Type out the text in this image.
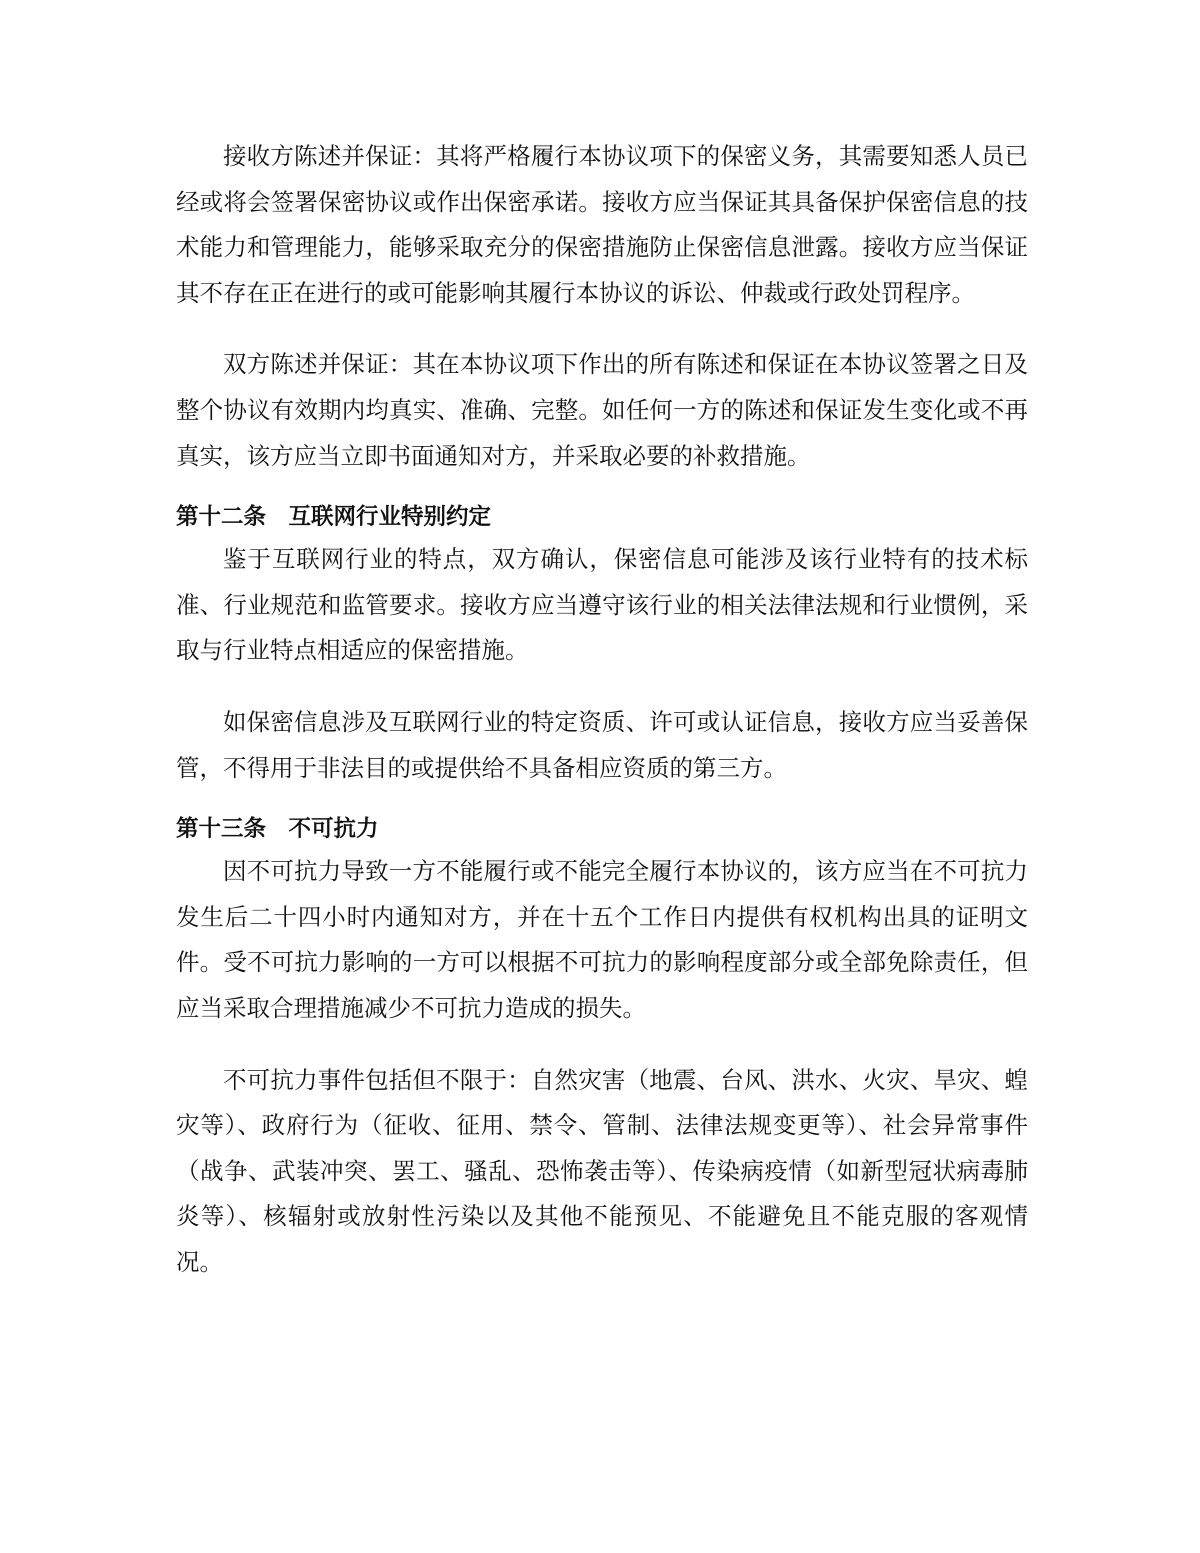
接收方陈述并保证：其将严格履行本协议项下的保密义务，其需要知悉人员已经或将会签署保密协议或作出保密承诺。接收方应当保证其具备保护保密信息的技术能力和管理能力，能够采取充分的保密措施防止保密信息泄露。接收方应当保证其不存在正在进行的或可能影响其履行本协议的诉讼、仲裁或行政处罚程序。

双方陈述并保证：其在本协议项下作出的所有陈述和保证在本协议签署之日及整个协议有效期内均真实、准确、完整。如任何一方的陈述和保证发生变化或不再真实，该方应当立即书面通知对方，并采取必要的补救措施。

第十二条　互联网行业特别约定

鉴于互联网行业的特点，双方确认，保密信息可能涉及该行业特有的技术标准、行业规范和监管要求。接收方应当遵守该行业的相关法律法规和行业惯例，采取与行业特点相适应的保密措施。

如保密信息涉及互联网行业的特定资质、许可或认证信息，接收方应当妥善保管，不得用于非法目的或提供给不具备相应资质的第三方。

第十三条　不可抗力

因不可抗力导致一方不能履行或不能完全履行本协议的，该方应当在不可抗力发生后二十四小时内通知对方，并在十五个工作日内提供有权机构出具的证明文件。受不可抗力影响的一方可以根据不可抗力的影响程度部分或全部免除责任，但应当采取合理措施减少不可抗力造成的损失。

不可抗力事件包括但不限于：自然灾害（地震、台风、洪水、火灾、旱灾、蝗灾等）、政府行为（征收、征用、禁令、管制、法律法规变更等）、社会异常事件（战争、武装冲突、罢工、骚乱、恐怖袭击等）、传染病疫情（如新型冠状病毒肺炎等）、核辐射或放射性污染以及其他不能预见、不能避免且不能克服的客观情况。
